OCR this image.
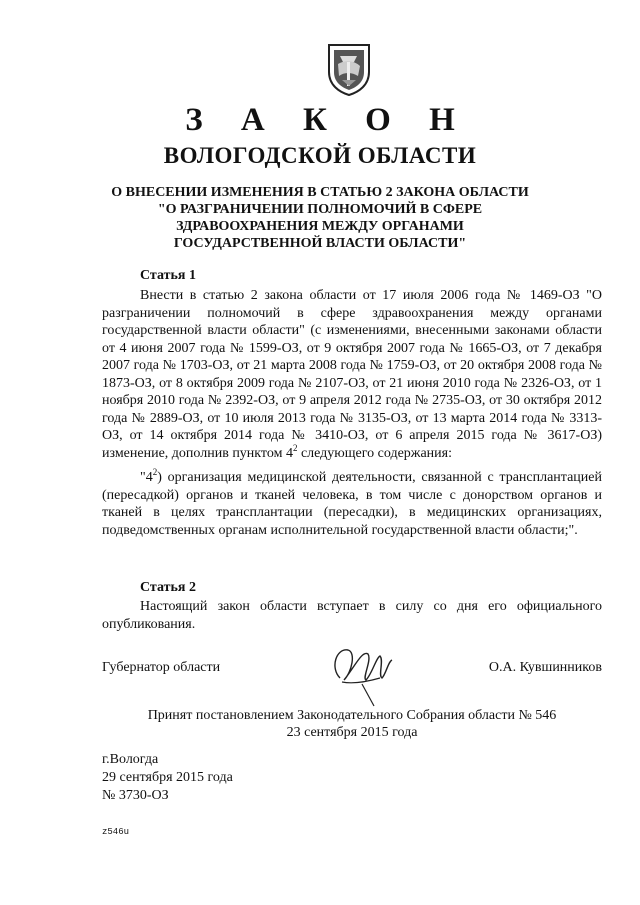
З А К О Н
ВОЛОГОДСКОЙ ОБЛАСТИ
О ВНЕСЕНИИ ИЗМЕНЕНИЯ В СТАТЬЮ 2 ЗАКОНА ОБЛАСТИ
"О РАЗГРАНИЧЕНИИ ПОЛНОМОЧИЙ В СФЕРЕ
ЗДРАВООХРАНЕНИЯ МЕЖДУ ОРГАНАМИ
ГОСУДАРСТВЕННОЙ ВЛАСТИ ОБЛАСТИ"
Статья 1
Внести в статью 2 закона области от 17 июля 2006 года № 1469-ОЗ "О разграничении полномочий в сфере здравоохранения между органами государственной власти области" (с изменениями, внесенными законами области от 4 июня 2007 года № 1599-ОЗ, от 9 октября 2007 года № 1665-ОЗ, от 7 декабря 2007 года № 1703-ОЗ, от 21 марта 2008 года № 1759-ОЗ, от 20 октября 2008 года № 1873-ОЗ, от 8 октября 2009 года № 2107-ОЗ, от 21 июня 2010 года № 2326-ОЗ, от 1 ноября 2010 года № 2392-ОЗ, от 9 апреля 2012 года № 2735-ОЗ, от 30 октября 2012 года № 2889-ОЗ, от 10 июля 2013 года № 3135-ОЗ, от 13 марта 2014 года № 3313-ОЗ, от 14 октября 2014 года № 3410-ОЗ, от 6 апреля 2015 года № 3617-ОЗ) изменение, дополнив пунктом $4^2$ следующего содержания:
"$4^2$) организация медицинской деятельности, связанной с трансплантацией (пересадкой) органов и тканей человека, в том числе с донорством органов и тканей в целях трансплантации (пересадки), в медицинских организациях, подведомственных органам исполнительной государственной власти области;".
Статья 2
Настоящий закон области вступает в силу со дня его официального опубликования.
Губернатор области	О.А. Кувшинников
Принят постановлением Законодательного Собрания области № 546
23 сентября 2015 года
г.Вологда
29 сентября 2015 года
№ 3730-ОЗ
z546u
